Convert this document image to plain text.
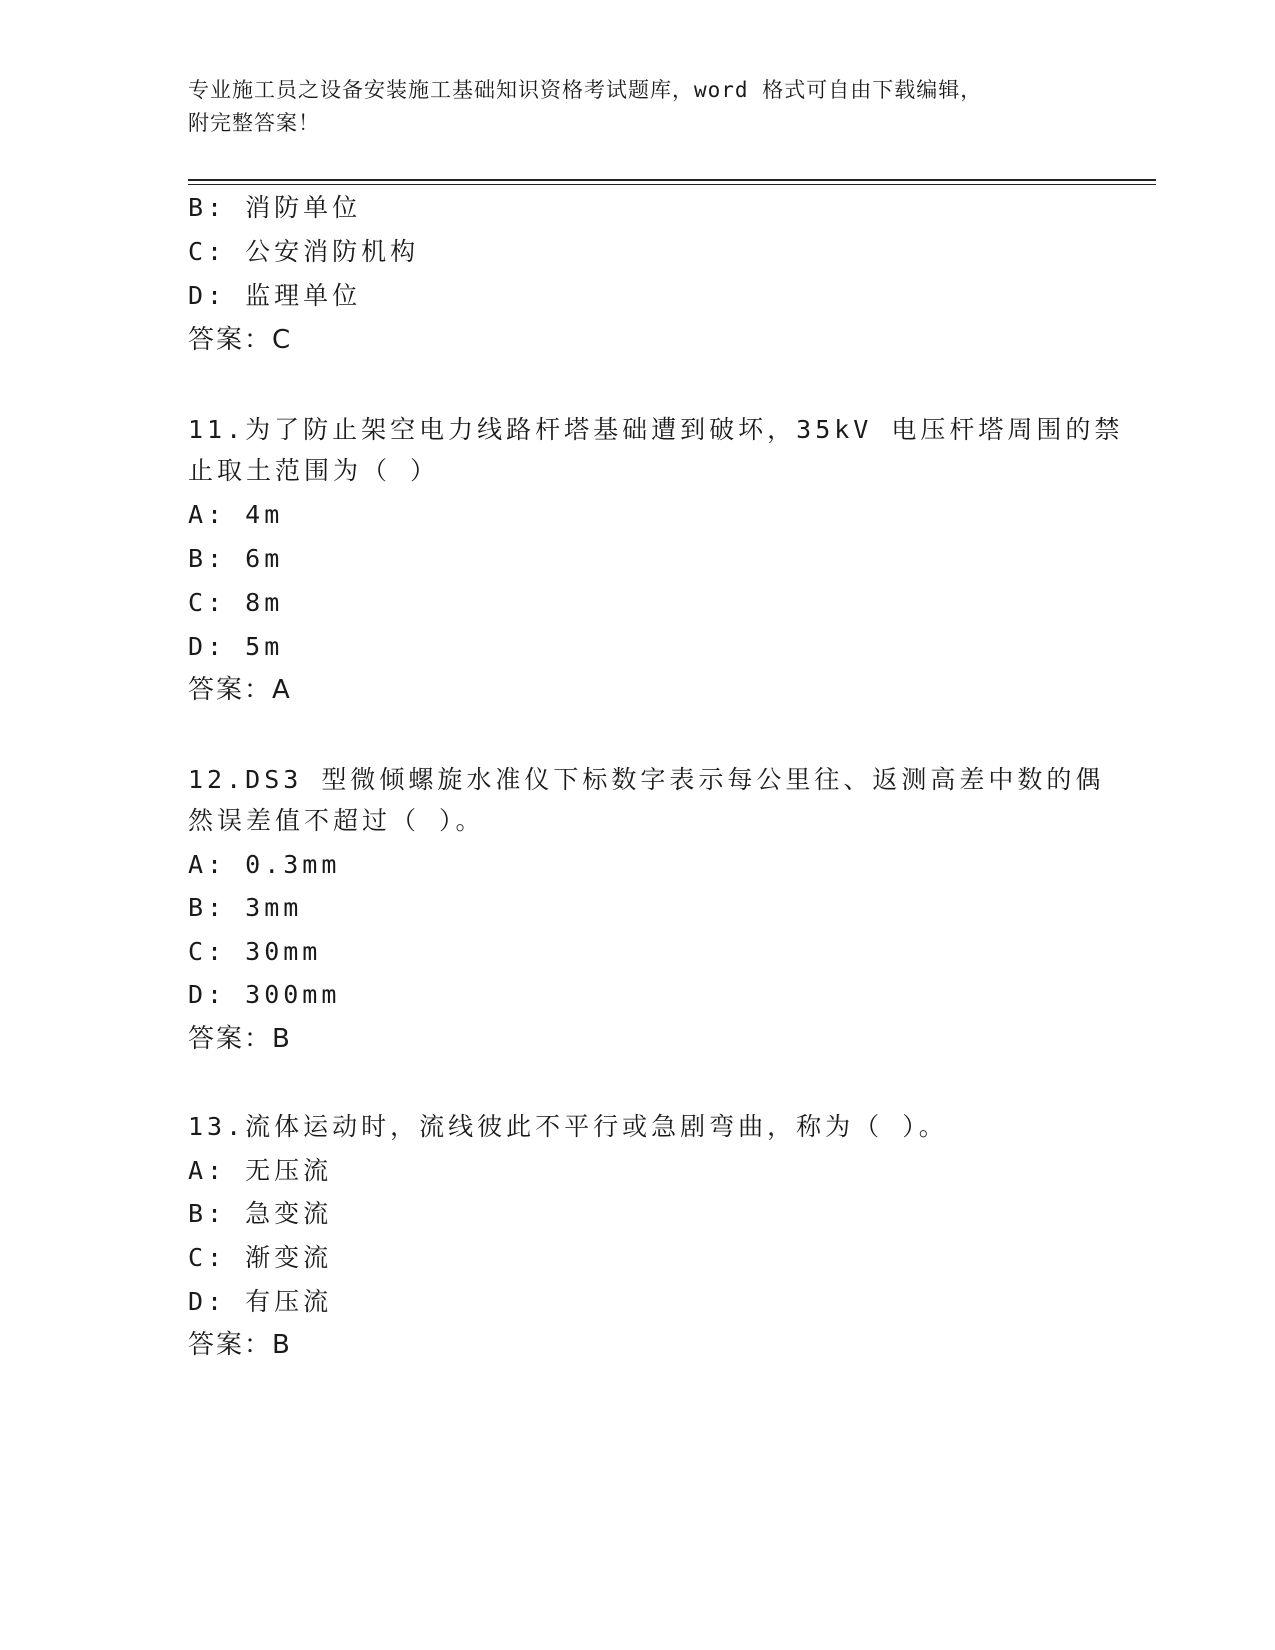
专业施工员之设备安装施工基础知识资格考试题库，word 格式可自由下载编辑，
附完整答案！
B: 消防单位
C: 公安消防机构
D: 监理单位
答案：C
11.为了防止架空电力线路杆塔基础遭到破坏，35kV 电压杆塔周围的禁
止取土范围为（ ）
A: 4m
B: 6m
C: 8m
D: 5m
答案：A
12.DS3 型微倾螺旋水准仪下标数字表示每公里往、返测高差中数的偶
然误差值不超过（ ）。
A: 0.3mm
B: 3mm
C: 30mm
D: 300mm
答案：B
13.流体运动时，流线彼此不平行或急剧弯曲，称为（ ）。
A: 无压流
B: 急变流
C: 渐变流
D: 有压流
答案：B
